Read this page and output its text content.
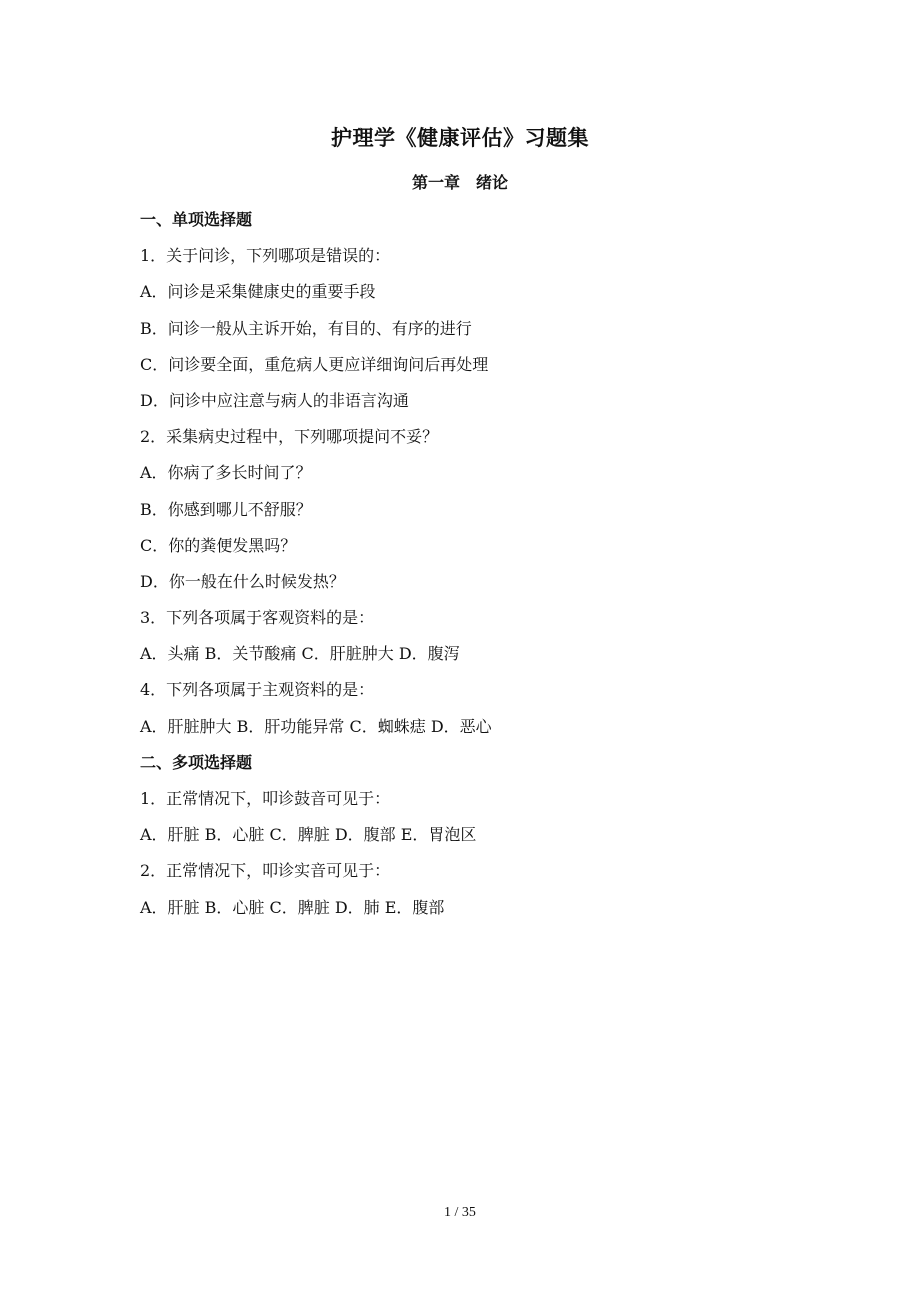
护理学《健康评估》习题集
第一章　绪论
一、单项选择题
1．关于问诊，下列哪项是错误的：
A．问诊是采集健康史的重要手段
B．问诊一般从主诉开始，有目的、有序的进行
C．问诊要全面，重危病人更应详细询问后再处理
D．问诊中应注意与病人的非语言沟通
2．采集病史过程中，下列哪项提问不妥？
A．你病了多长时间了？
B．你感到哪儿不舒服？
C．你的粪便发黑吗？
D．你一般在什么时候发热？
3．下列各项属于客观资料的是：
A．头痛 B．关节酸痛 C．肝脏肿大 D．腹泻
4．下列各项属于主观资料的是：
A．肝脏肿大 B．肝功能异常 C．蜘蛛痣 D．恶心
二、多项选择题
1．正常情况下，叩诊鼓音可见于：
A．肝脏 B．心脏 C．脾脏 D．腹部 E．胃泡区
2．正常情况下，叩诊实音可见于：
A．肝脏 B．心脏 C．脾脏 D．肺 E．腹部
1 / 35
